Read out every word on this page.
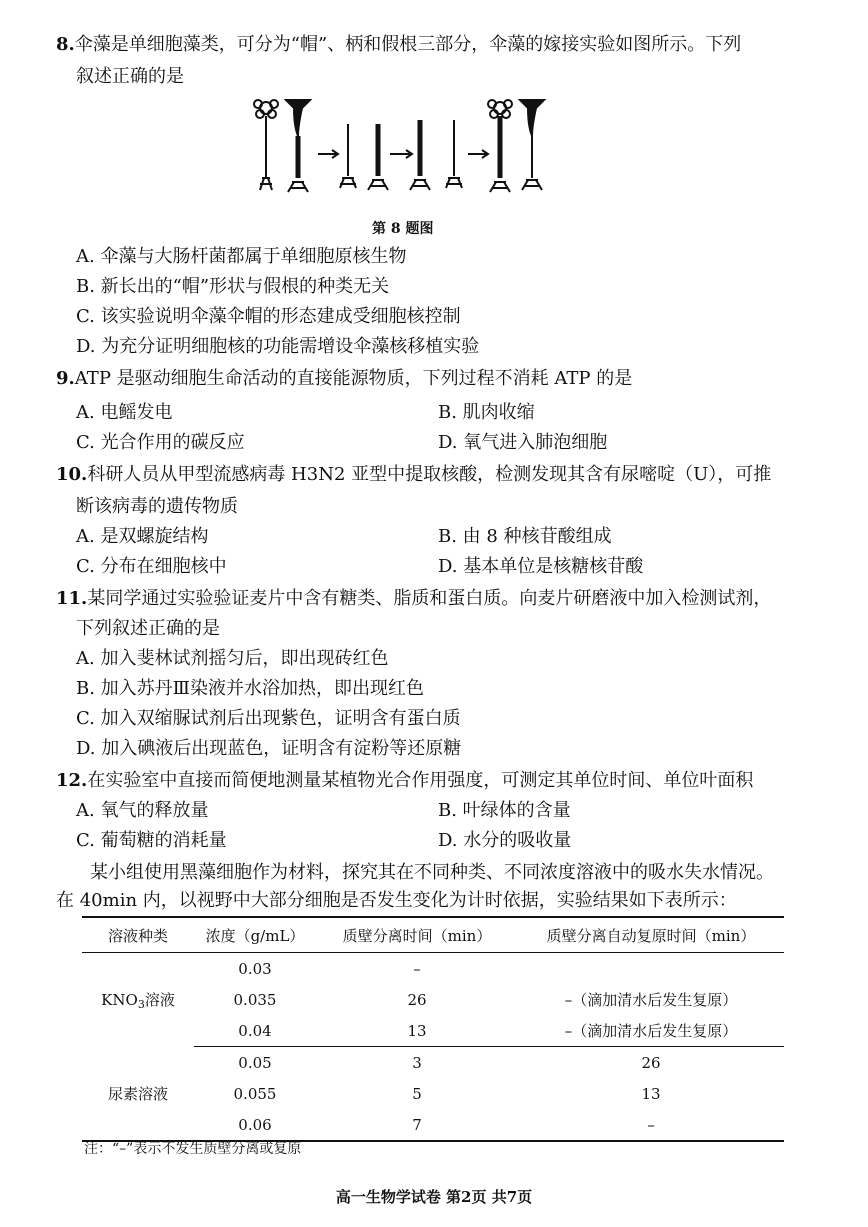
8.伞藻是单细胞藻类，可分为“帽”、柄和假根三部分，伞藻的嫁接实验如图所示。下列
叙述正确的是
第 8 题图
A. 伞藻与大肠杆菌都属于单细胞原核生物
B. 新长出的“帽”形状与假根的种类无关
C. 该实验说明伞藻伞帽的形态建成受细胞核控制
D. 为充分证明细胞核的功能需增设伞藻核移植实验
9.ATP 是驱动细胞生命活动的直接能源物质，下列过程不消耗 ATP 的是
A. 电鳐发电	B. 肌肉收缩
C. 光合作用的碳反应	D. 氧气进入肺泡细胞
10.科研人员从甲型流感病毒 H3N2 亚型中提取核酸，检测发现其含有尿嘧啶（U），可推
断该病毒的遗传物质
A. 是双螺旋结构	B. 由 8 种核苷酸组成
C. 分布在细胞核中	D. 基本单位是核糖核苷酸
11.某同学通过实验验证麦片中含有糖类、脂质和蛋白质。向麦片研磨液中加入检测试剂，
下列叙述正确的是
A. 加入斐林试剂摇匀后，即出现砖红色
B. 加入苏丹Ⅲ染液并水浴加热，即出现红色
C. 加入双缩脲试剂后出现紫色，证明含有蛋白质
D. 加入碘液后出现蓝色，证明含有淀粉等还原糖
12.在实验室中直接而简便地测量某植物光合作用强度，可测定其单位时间、单位叶面积
A. 氧气的释放量	B. 叶绿体的含量
C. 葡萄糖的消耗量	D. 水分的吸收量
某小组使用黑藻细胞作为材料，探究其在不同种类、不同浓度溶液中的吸水失水情况。
在 40min 内，以视野中大部分细胞是否发生变化为计时依据，实验结果如下表所示：
溶液种类	浓度（g/mL）	质壁分离时间（min）	质壁分离自动复原时间（min）
$KNO_3$溶液	0.03	–	
	0.035	26	–（滴加清水后发生复原）
	0.04	13	–（滴加清水后发生复原）
尿素溶液	0.05	3	26
	0.055	5	13
	0.06	7	–
注：“–”表示不发生质壁分离或复原
高一生物学试卷 第2页 共7页
